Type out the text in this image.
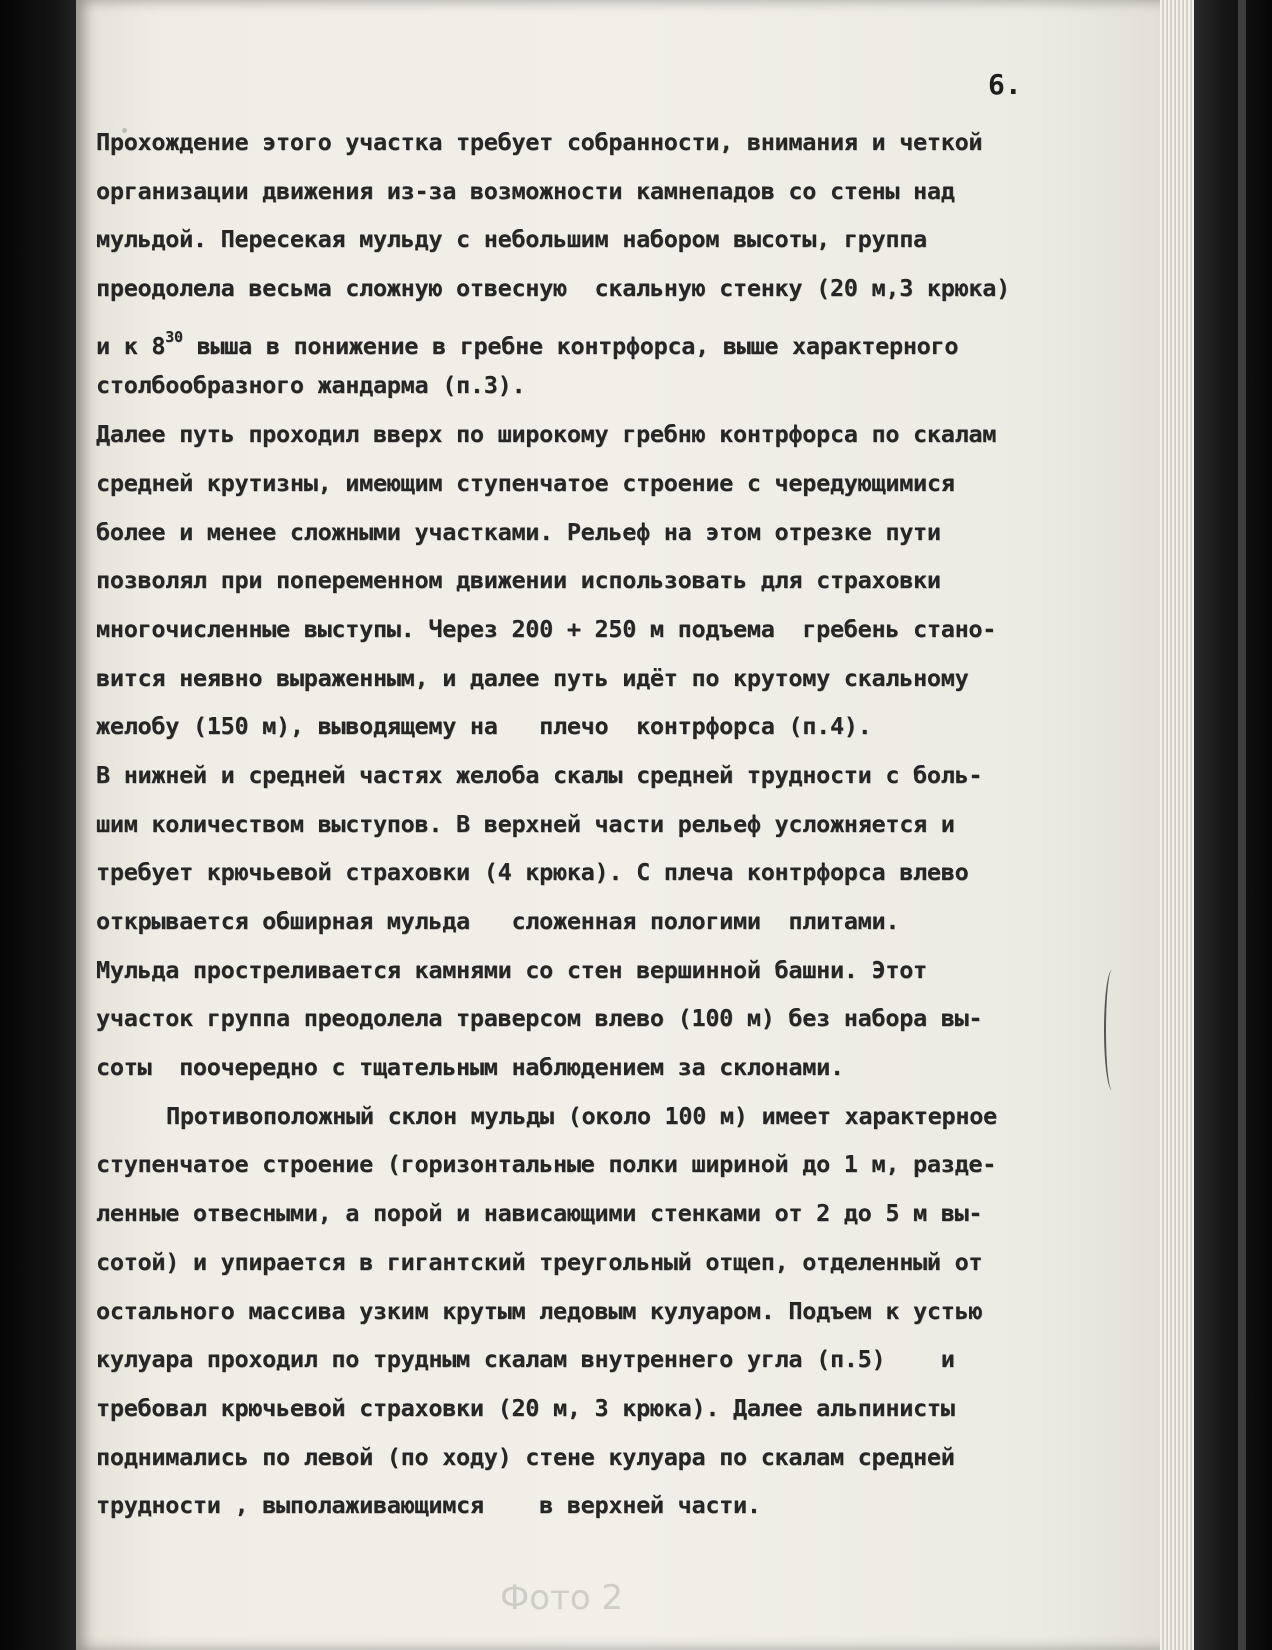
6.
Прохождение этого участка требует собранности, внимания и четкой
организации движения из-за возможности камнепадов со стены над
мульдой. Пересекая мульду с небольшим набором высоты, группа
преодолела весьма сложную отвесную  скальную стенку (20 м,3 крюка)
и к $8^{30}$ выша в понижение в гребне контрфорса, выше характерного
столбообразного жандарма (п.3).
Далее путь проходил вверх по широкому гребню контрфорса по скалам
средней крутизны, имеющим ступенчатое строение с чередующимися
более и менее сложными участками. Рельеф на этом отрезке пути
позволял при попеременном движении использовать для страховки
многочисленные выступы. Через 200 + 250 м подъема  гребень стано-
вится неявно выраженным, и далее путь идёт по крутому скальному
желобу (150 м), выводящему на   плечо  контрфорса (п.4).
В нижней и средней частях желоба скалы средней трудности с боль-
шим количеством выступов. В верхней части рельеф усложняется и
требует крючьевой страховки (4 крюка). С плеча контрфорса влево
открывается обширная мульда   сложенная пологими  плитами.
Мульда простреливается камнями со стен вершинной башни. Этот
участок группа преодолела траверсом влево (100 м) без набора вы-
соты  поочередно с тщательным наблюдением за склонами.
Противоположный склон мульды (около 100 м) имеет характерное
ступенчатое строение (горизонтальные полки шириной до 1 м, разде-
ленные отвесными, а порой и нависающими стенками от 2 до 5 м вы-
сотой) и упирается в гигантский треугольный отщеп, отделенный от
остального массива узким крутым ледовым кулуаром. Подъем к устью
кулуара проходил по трудным скалам внутреннего угла (п.5)    и
требовал крючьевой страховки (20 м, 3 крюка). Далее альпинисты
поднимались по левой (по ходу) стене кулуара по скалам средней
трудности , выполаживающимся    в верхней части.
Фото 2
